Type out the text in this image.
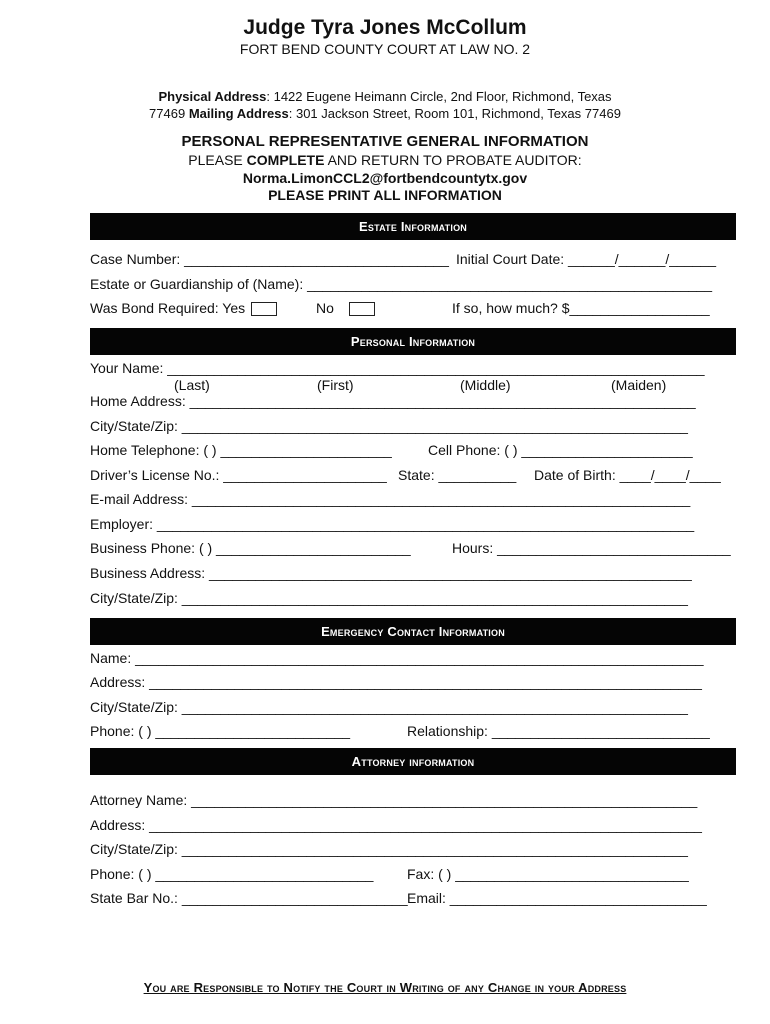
Judge Tyra Jones McCollum
FORT BEND COUNTY COURT AT LAW NO. 2
Physical Address: 1422 Eugene Heimann Circle, 2nd Floor, Richmond, Texas
77469 Mailing Address: 301 Jackson Street, Room 101, Richmond, Texas 77469
PERSONAL REPRESENTATIVE GENERAL INFORMATION
PLEASE COMPLETE AND RETURN TO PROBATE AUDITOR:
Norma.LimonCCL2@fortbendcountytx.gov
PLEASE PRINT ALL INFORMATION
Estate Information
Case Number: __________________________________ Initial Court Date: ______/______/______
Estate or Guardianship of (Name): ____________________________________________________
Was Bond Required: Yes	No	If so, how much? $__________________
Personal Information
Your Name: _____________________________________________________________________
(Last)	(First)	(Middle)	(Maiden)
Home Address: _________________________________________________________________
City/State/Zip: _________________________________________________________________
Home Telephone: ( ) ______________________	Cell Phone: ( ) ______________________
Driver’s License No.: _____________________ State: __________ Date of Birth: ____/____/____
E-mail Address: ________________________________________________________________
Employer: _____________________________________________________________________
Business Phone: ( ) _________________________	Hours: ______________________________
Business Address: ______________________________________________________________
City/State/Zip: _________________________________________________________________
Emergency Contact Information
Name: _________________________________________________________________________
Address: _______________________________________________________________________
City/State/Zip: _________________________________________________________________
Phone: ( ) _________________________	Relationship: ____________________________
Attorney information
Attorney Name: _________________________________________________________________
Address: _______________________________________________________________________
City/State/Zip: _________________________________________________________________
Phone: ( ) ____________________________ Fax: ( ) ______________________________
State Bar No.: _____________________________ Email: _________________________________
You are Responsible to Notify the Court in Writing of any Change in your Address
